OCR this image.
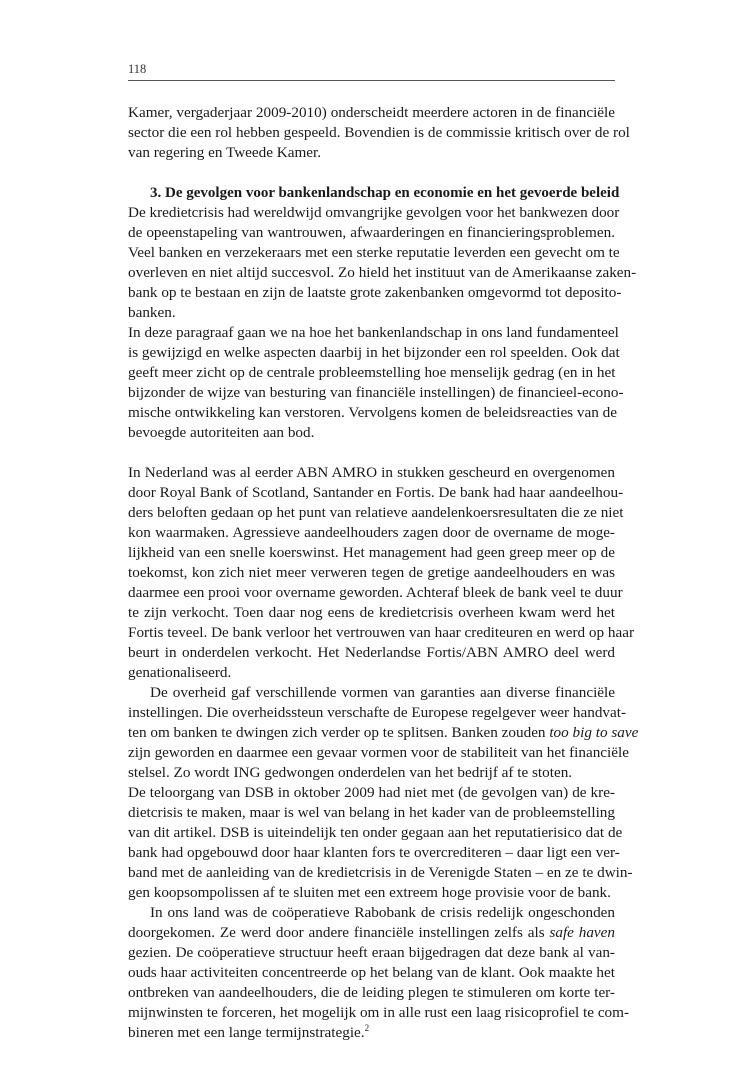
118
Kamer, vergaderjaar 2009-2010) onderscheidt meerdere actoren in de financiële
sector die een rol hebben gespeeld. Bovendien is de commissie kritisch over de rol
van regering en Tweede Kamer.
3. De gevolgen voor bankenlandschap en economie en het gevoerde beleid
De kredietcrisis had wereldwijd omvangrijke gevolgen voor het bankwezen door
de opeenstapeling van wantrouwen, afwaarderingen en financieringsproblemen.
Veel banken en verzekeraars met een sterke reputatie leverden een gevecht om te
overleven en niet altijd succesvol. Zo hield het instituut van de Amerikaanse zaken-
bank op te bestaan en zijn de laatste grote zakenbanken omgevormd tot deposito-
banken.
In deze paragraaf gaan we na hoe het bankenlandschap in ons land fundamenteel
is gewijzigd en welke aspecten daarbij in het bijzonder een rol speelden. Ook dat
geeft meer zicht op de centrale probleemstelling hoe menselijk gedrag (en in het
bijzonder de wijze van besturing van financiële instellingen) de financieel-econo-
mische ontwikkeling kan verstoren. Vervolgens komen de beleidsreacties van de
bevoegde autoriteiten aan bod.
In Nederland was al eerder ABN AMRO in stukken gescheurd en overgenomen
door Royal Bank of Scotland, Santander en Fortis. De bank had haar aandeelhou-
ders beloften gedaan op het punt van relatieve aandelenkoersresultaten die ze niet
kon waarmaken. Agressieve aandeelhouders zagen door de overname de moge-
lijkheid van een snelle koerswinst. Het management had geen greep meer op de
toekomst, kon zich niet meer verweren tegen de gretige aandeelhouders en was
daarmee een prooi voor overname geworden. Achteraf bleek de bank veel te duur
te zijn verkocht. Toen daar nog eens de kredietcrisis overheen kwam werd het
Fortis teveel. De bank verloor het vertrouwen van haar crediteuren en werd op haar
beurt in onderdelen verkocht. Het Nederlandse Fortis/ABN AMRO deel werd
genationaliseerd.
De overheid gaf verschillende vormen van garanties aan diverse financiële
instellingen. Die overheidssteun verschafte de Europese regelgever weer handvat-
ten om banken te dwingen zich verder op te splitsen. Banken zouden too big to save
zijn geworden en daarmee een gevaar vormen voor de stabiliteit van het financiële
stelsel. Zo wordt ING gedwongen onderdelen van het bedrijf af te stoten.
De teloorgang van DSB in oktober 2009 had niet met (de gevolgen van) de kre-
dietcrisis te maken, maar is wel van belang in het kader van de probleemstelling
van dit artikel. DSB is uiteindelijk ten onder gegaan aan het reputatierisico dat de
bank had opgebouwd door haar klanten fors te overcrediteren – daar ligt een ver-
band met de aanleiding van de kredietcrisis in de Verenigde Staten – en ze te dwin-
gen koopsompolissen af te sluiten met een extreem hoge provisie voor de bank.
In ons land was de coöperatieve Rabobank de crisis redelijk ongeschonden
doorgekomen. Ze werd door andere financiële instellingen zelfs als safe haven
gezien. De coöperatieve structuur heeft eraan bijgedragen dat deze bank al van-
ouds haar activiteiten concentreerde op het belang van de klant. Ook maakte het
ontbreken van aandeelhouders, die de leiding plegen te stimuleren om korte ter-
mijnwinsten te forceren, het mogelijk om in alle rust een laag risicoprofiel te com-
bineren met een lange termijnstrategie.$^2$
